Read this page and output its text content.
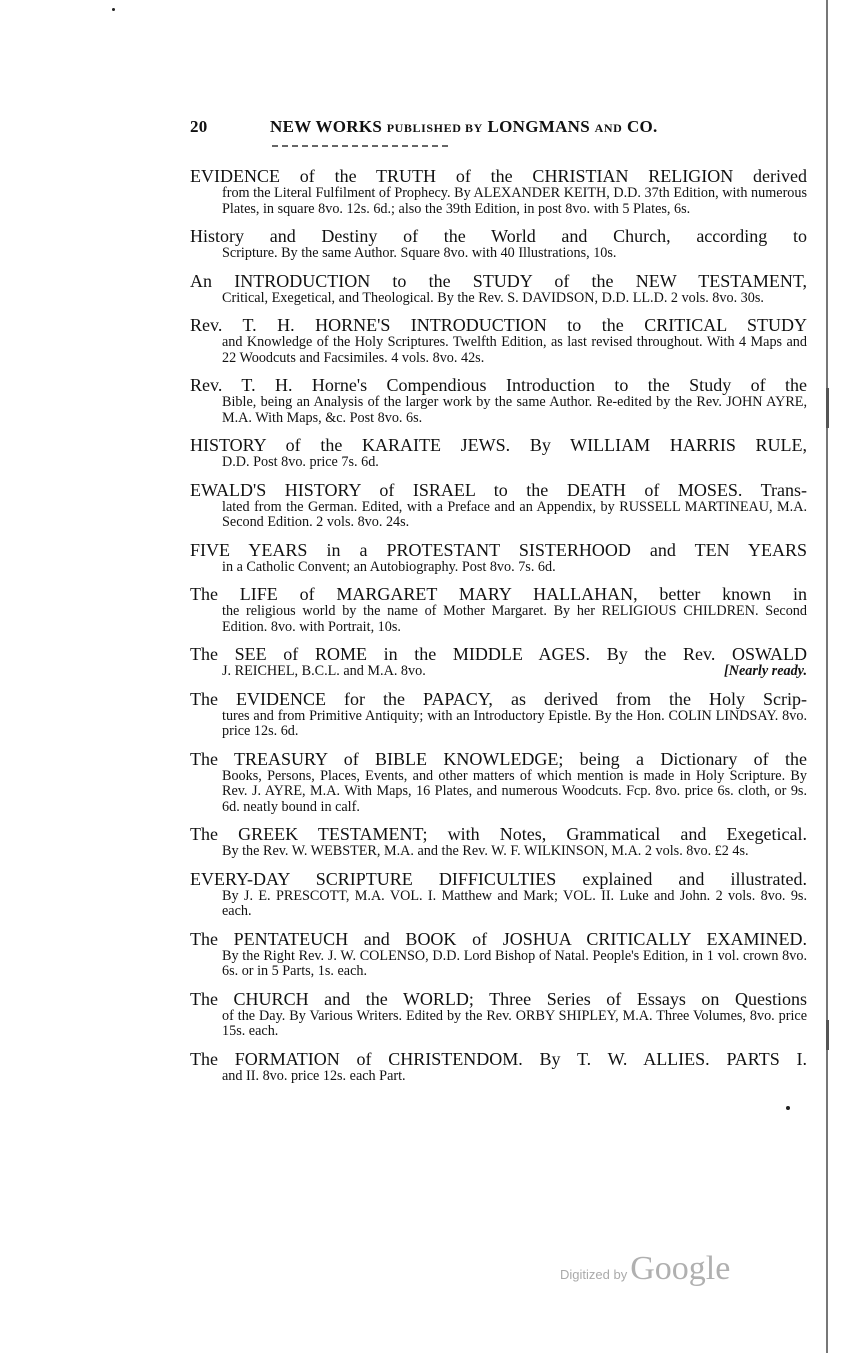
20	NEW WORKS
PUBLISHED BY
LONGMANS
AND
CO.
EVIDENCE of the TRUTH of the CHRISTIAN RELIGION derived
from the Literal Fulfilment of Prophecy. By ALEXANDER KEITH, D.D. 37th Edition, with numerous Plates, in square 8vo. 12s. 6d.; also the 39th Edition, in post 8vo. with 5 Plates, 6s.
History and Destiny of the World and Church, according to
Scripture. By the same Author. Square 8vo. with 40 Illustrations, 10s.
An INTRODUCTION to the STUDY of the NEW TESTAMENT,
Critical, Exegetical, and Theological. By the Rev. S. DAVIDSON, D.D. LL.D. 2 vols. 8vo. 30s.
Rev. T. H. HORNE'S INTRODUCTION to the CRITICAL STUDY
and Knowledge of the Holy Scriptures. Twelfth Edition, as last revised throughout. With 4 Maps and 22 Woodcuts and Facsimiles. 4 vols. 8vo. 42s.
Rev. T. H. Horne's Compendious Introduction to the Study of the
Bible, being an Analysis of the larger work by the same Author. Re-edited by the Rev. JOHN AYRE, M.A. With Maps, &c. Post 8vo. 6s.
HISTORY of the KARAITE JEWS. By WILLIAM HARRIS RULE,
D.D. Post 8vo. price 7s. 6d.
EWALD'S HISTORY of ISRAEL to the DEATH of MOSES. Trans-
lated from the German. Edited, with a Preface and an Appendix, by RUSSELL MARTINEAU, M.A. Second Edition. 2 vols. 8vo. 24s.
FIVE YEARS in a PROTESTANT SISTERHOOD and TEN YEARS
in a Catholic Convent; an Autobiography. Post 8vo. 7s. 6d.
The LIFE of MARGARET MARY HALLAHAN, better known in
the religious world by the name of Mother Margaret. By her RELIGIOUS CHILDREN. Second Edition. 8vo. with Portrait, 10s.
The SEE of ROME in the MIDDLE AGES. By the Rev. OSWALD
J. REICHEL, B.C.L. and M.A. 8vo.	[Nearly ready.
The EVIDENCE for the PAPACY, as derived from the Holy Scrip-
tures and from Primitive Antiquity; with an Introductory Epistle. By the Hon. COLIN LINDSAY. 8vo. price 12s. 6d.
The TREASURY of BIBLE KNOWLEDGE; being a Dictionary of the
Books, Persons, Places, Events, and other matters of which mention is made in Holy Scripture. By Rev. J. AYRE, M.A. With Maps, 16 Plates, and numerous Woodcuts. Fcp. 8vo. price 6s. cloth, or 9s. 6d. neatly bound in calf.
The GREEK TESTAMENT; with Notes, Grammatical and Exegetical.
By the Rev. W. WEBSTER, M.A. and the Rev. W. F. WILKINSON, M.A. 2 vols. 8vo. £2 4s.
EVERY-DAY SCRIPTURE DIFFICULTIES explained and illustrated.
By J. E. PRESCOTT, M.A. VOL. I. Matthew and Mark; VOL. II. Luke and John. 2 vols. 8vo. 9s. each.
The PENTATEUCH and BOOK of JOSHUA CRITICALLY EXAMINED.
By the Right Rev. J. W. COLENSO, D.D. Lord Bishop of Natal. People's Edition, in 1 vol. crown 8vo. 6s. or in 5 Parts, 1s. each.
The CHURCH and the WORLD; Three Series of Essays on Questions
of the Day. By Various Writers. Edited by the Rev. ORBY SHIPLEY, M.A. Three Volumes, 8vo. price 15s. each.
The FORMATION of CHRISTENDOM. By T. W. ALLIES. PARTS I.
and II. 8vo. price 12s. each Part.
Digitized by Google
